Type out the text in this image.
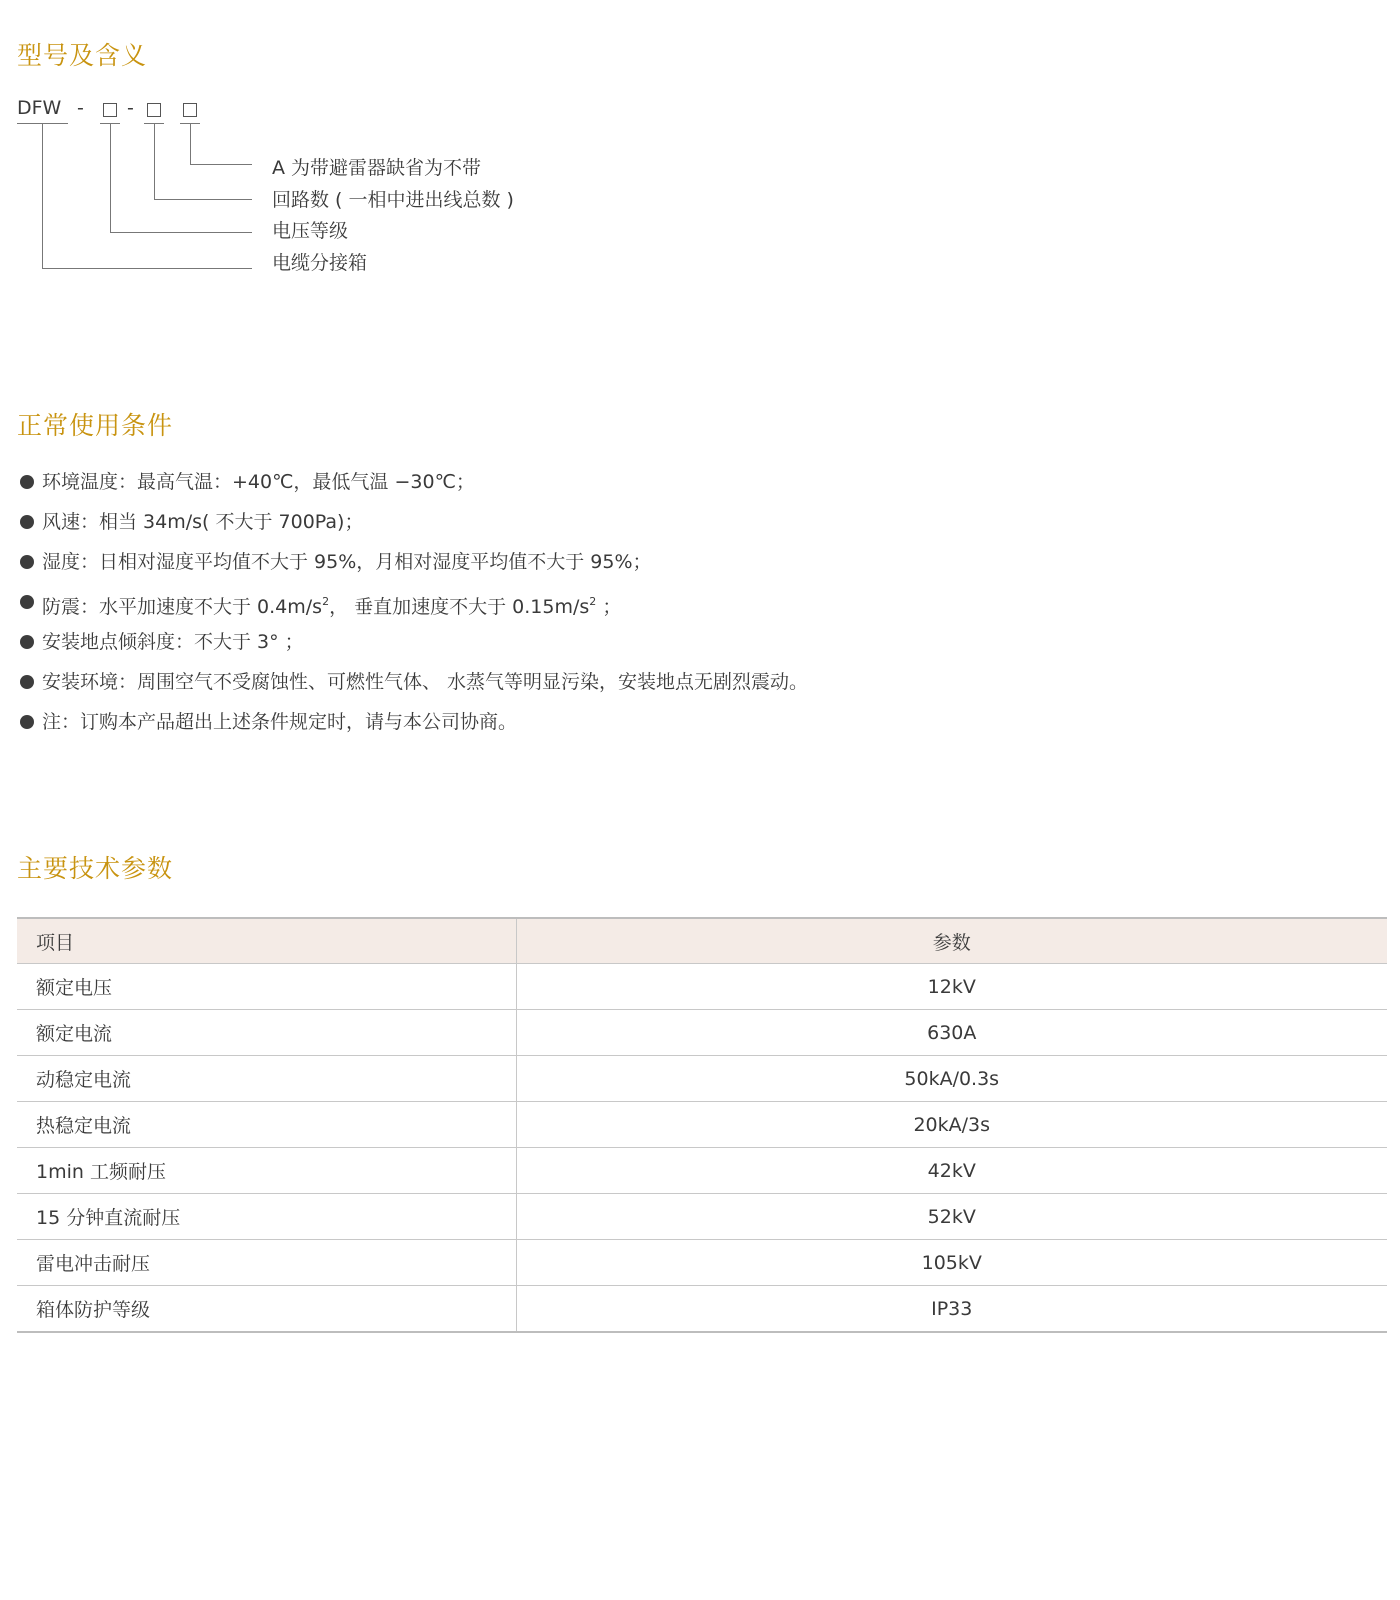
型号及含义
DFW - -
A 为带避雷器缺省为不带
回路数 ( 一相中进出线总数 )
电压等级
电缆分接箱
正常使用条件
环境温度：最高气温：+40℃，最低气温 −30℃；
风速：相当 34m/s( 不大于 700Pa)；
湿度：日相对湿度平均值不大于 95%，月相对湿度平均值不大于 95%；
防震：水平加速度不大于 $0.4m/s^2$， 垂直加速度不大于 $0.15m/s^2$ ；
安装地点倾斜度：不大于 3° ；
安装环境：周围空气不受腐蚀性、可燃性气体、 水蒸气等明显污染，安装地点无剧烈震动。
注：订购本产品超出上述条件规定时，请与本公司协商。
主要技术参数
项目	参数
额定电压	12kV
额定电流	630A
动稳定电流	50kA/0.3s
热稳定电流	20kA/3s
1min 工频耐压	42kV
15 分钟直流耐压	52kV
雷电冲击耐压	105kV
箱体防护等级	IP33
